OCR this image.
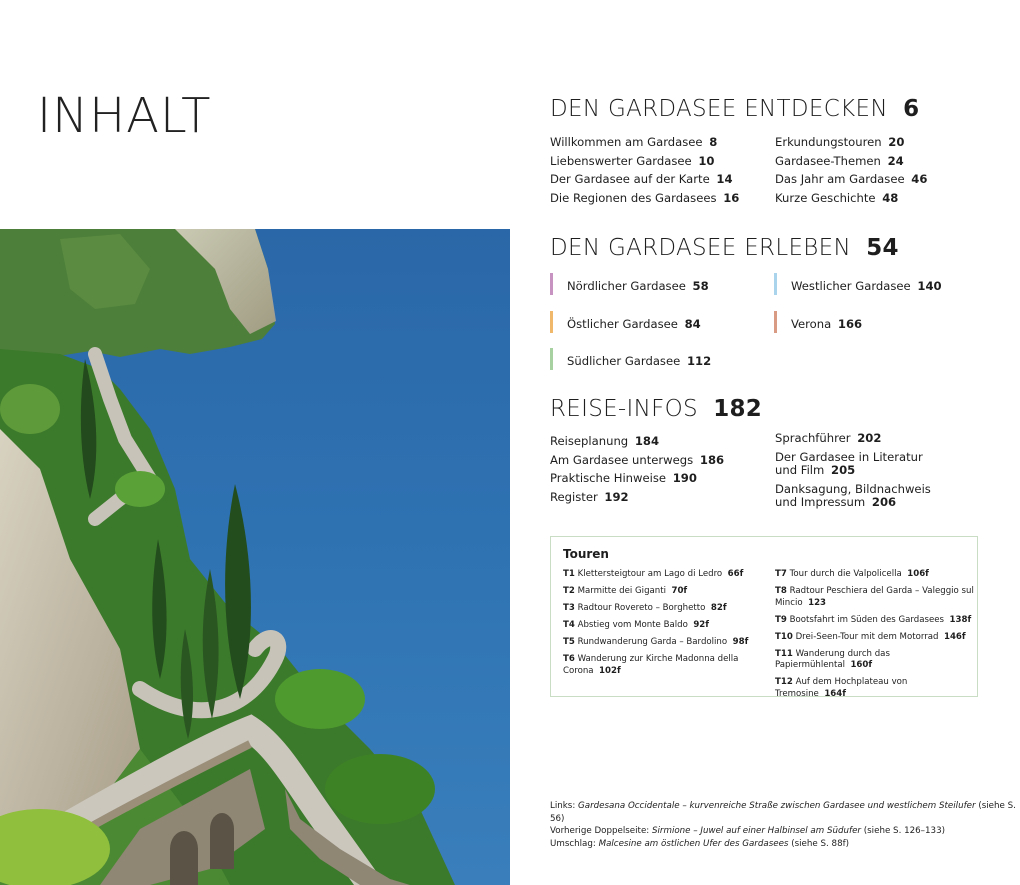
INHALT	DEN GARDASEE ENTDECKEN 6
Willkommen am Gardasee 8
Liebenswerter Gardasee 10
Der Gardasee auf der Karte 14
Die Regionen des Gardasees 16
Erkundungstouren 20
Gardasee-Themen 24
Das Jahr am Gardasee 46
Kurze Geschichte 48
DEN GARDASEE ERLEBEN 54
Nördlicher Gardasee 58	Westlicher Gardasee 140
Östlicher Gardasee 84	Verona 166
Südlicher Gardasee 112
REISE-INFOS 182
Reiseplanung 184
Am Gardasee unterwegs 186
Praktische Hinweise 190
Register 192
Sprachführer 202
Der Gardasee in Literatur
und Film 205
Danksagung, Bildnachweis
und Impressum 206
Touren
T1 Klettersteigtour am Lago di Ledro 66f
T2 Marmitte dei Giganti 70f
T3 Radtour Rovereto – Borghetto 82f
T4 Abstieg vom Monte Baldo 92f
T5 Rundwanderung Garda – Bardolino 98f
T6 Wanderung zur Kirche Madonna della Corona 102f
T7 Tour durch die Valpolicella 106f
T8 Radtour Peschiera del Garda – Valeggio sul Mincio 123
T9 Bootsfahrt im Süden des Gardasees 138f
T10 Drei-Seen-Tour mit dem Motorrad 146f
T11 Wanderung durch das Papiermühlental 160f
T12 Auf dem Hochplateau von Tremosine 164f
Links: Gardesana Occidentale – kurvenreiche Straße zwischen Gardasee und westlichem Steilufer (siehe S. 56)
Vorherige Doppelseite: Sirmione – Juwel auf einer Halbinsel am Südufer (siehe S. 126–133)
Umschlag: Malcesine am östlichen Ufer des Gardasees (siehe S. 88f)
